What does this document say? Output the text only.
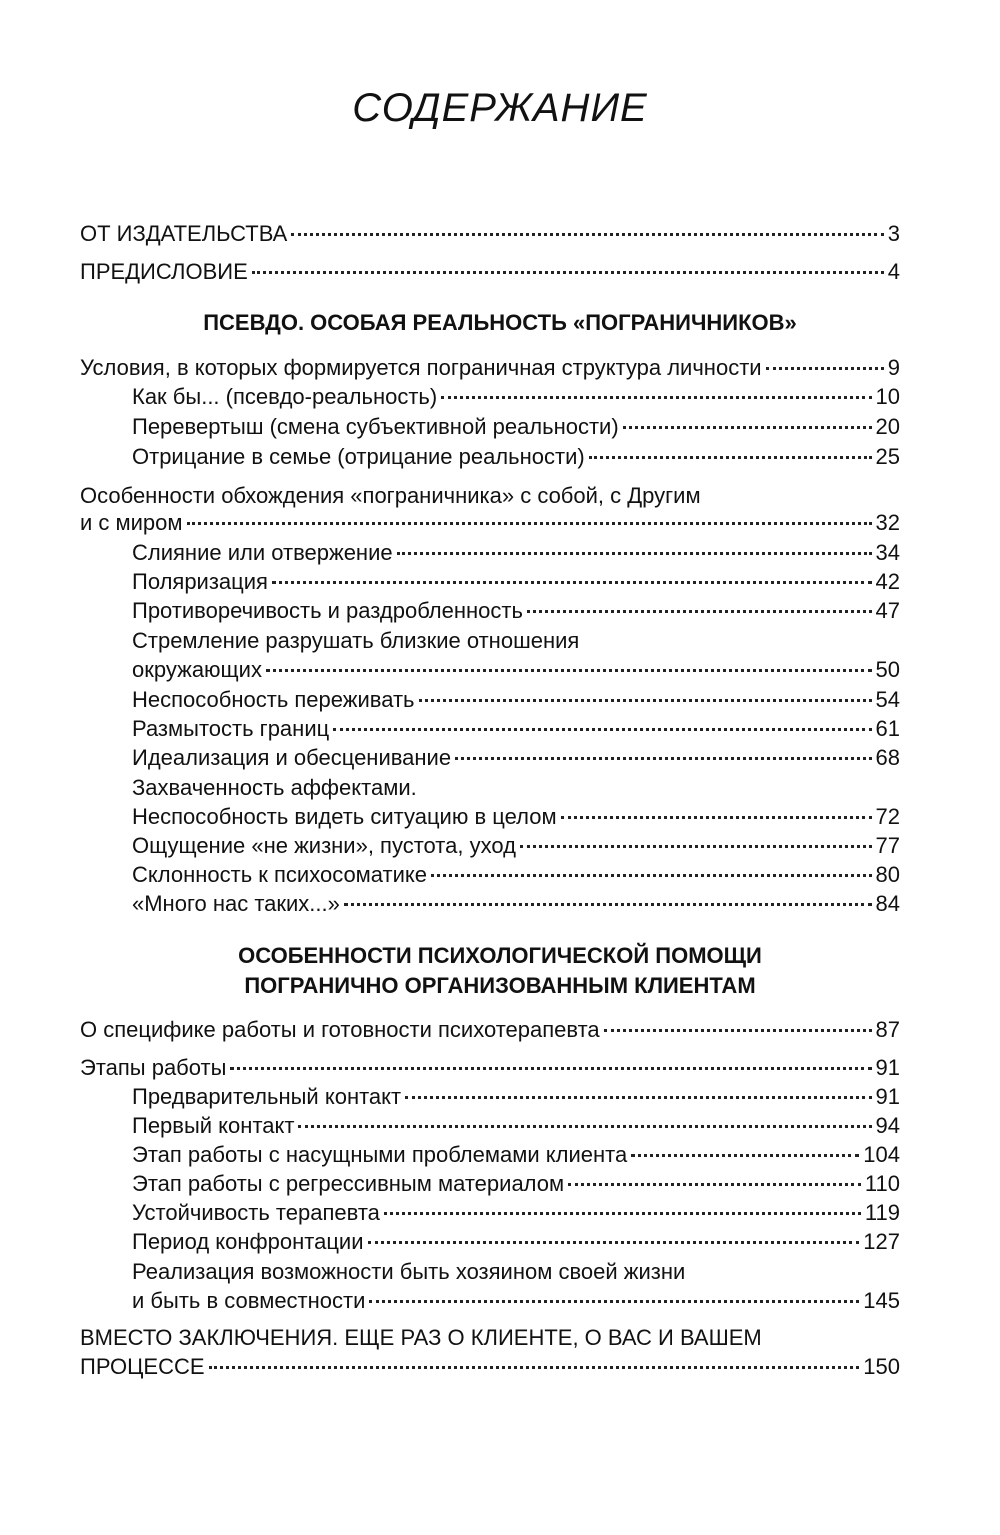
СОДЕРЖАНИЕ
ОТ ИЗДАТЕЛЬСТВА	3
ПРЕДИСЛОВИЕ	4
ПСЕВДО. ОСОБАЯ РЕАЛЬНОСТЬ «ПОГРАНИЧНИКОВ»
Условия, в которых формируется пограничная структура личности	9
Как бы... (псевдо-реальность)	10
Перевертыш (смена субъективной реальности)	20
Отрицание в семье (отрицание реальности)	25
Особенности обхождения «пограничника» с собой, с Другим
и с миром	32
Слияние или отвержение	34
Поляризация	42
Противоречивость и раздробленность	47
Стремление разрушать близкие отношения
окружающих	50
Неспособность переживать	54
Размытость границ	61
Идеализация и обесценивание	68
Захваченность аффектами.
Неспособность видеть ситуацию в целом	72
Ощущение «не жизни», пустота, уход	77
Склонность к психосоматике	80
«Много нас таких...»	84
ОСОБЕННОСТИ ПСИХОЛОГИЧЕСКОЙ ПОМОЩИ
ПОГРАНИЧНО ОРГАНИЗОВАННЫМ КЛИЕНТАМ
О специфике работы и готовности психотерапевта	87
Этапы работы	91
Предварительный контакт	91
Первый контакт	94
Этап работы с насущными проблемами клиента	104
Этап работы с регрессивным материалом	110
Устойчивость терапевта	119
Период конфронтации	127
Реализация возможности быть хозяином своей жизни
и быть в совместности	145
ВМЕСТО ЗАКЛЮЧЕНИЯ. ЕЩЕ РАЗ О КЛИЕНТЕ, О ВАС И ВАШЕМ
ПРОЦЕССЕ	150
